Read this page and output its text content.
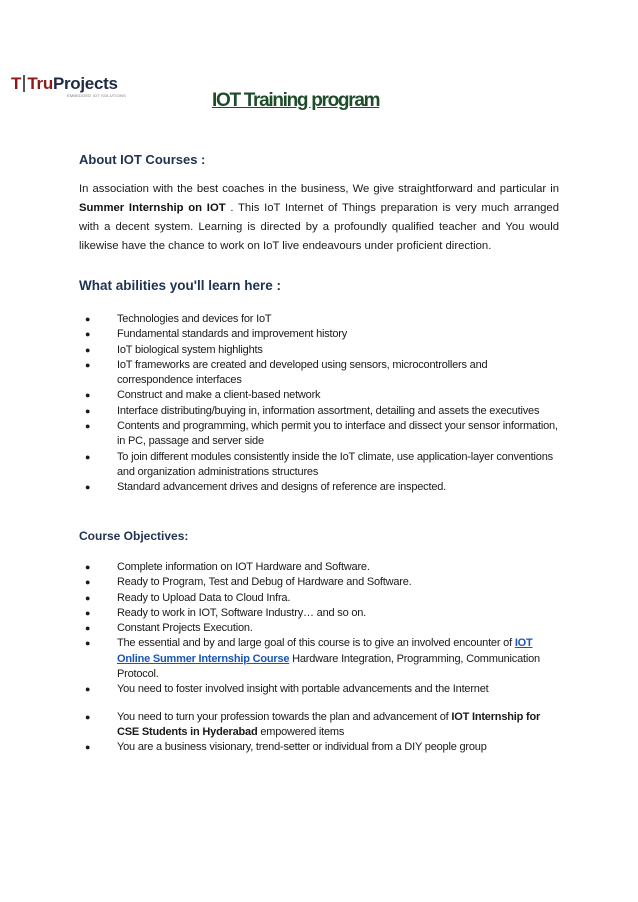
T Tru Projects
EMBEDDED IOT SOLUTIONS	IOT Training program
About IOT Courses :
In association with the best coaches in the business, We give straightforward and particular in Summer Internship on IOT . This IoT Internet of Things preparation is very much arranged with a decent system. Learning is directed by a profoundly qualified teacher and You would likewise have the chance to work on IoT live endeavours under proficient direction.
What abilities you'll learn here :
● Technologies and devices for IoT
● Fundamental standards and improvement history
● IoT biological system highlights
● IoT frameworks are created and developed using sensors, microcontrollers and correspondence interfaces
● Construct and make a client-based network
● Interface distributing/buying in, information assortment, detailing and assets the executives
● Contents and programming, which permit you to interface and dissect your sensor information, in PC, passage and server side
● To join different modules consistently inside the IoT climate, use application-layer conventions and organization administrations structures
● Standard advancement drives and designs of reference are inspected.
Course Objectives:
● Complete information on IOT Hardware and Software.
● Ready to Program, Test and Debug of Hardware and Software.
● Ready to Upload Data to Cloud Infra.
● Ready to work in IOT, Software Industry… and so on.
● Constant Projects Execution.
● The essential and by and large goal of this course is to give an involved encounter of IOT Online Summer Internship Course Hardware Integration, Programming, Communication Protocol.
● You need to foster involved insight with portable advancements and the Internet
● You need to turn your profession towards the plan and advancement of IOT Internship for CSE Students in Hyderabad empowered items
● You are a business visionary, trend-setter or individual from a DIY people group
